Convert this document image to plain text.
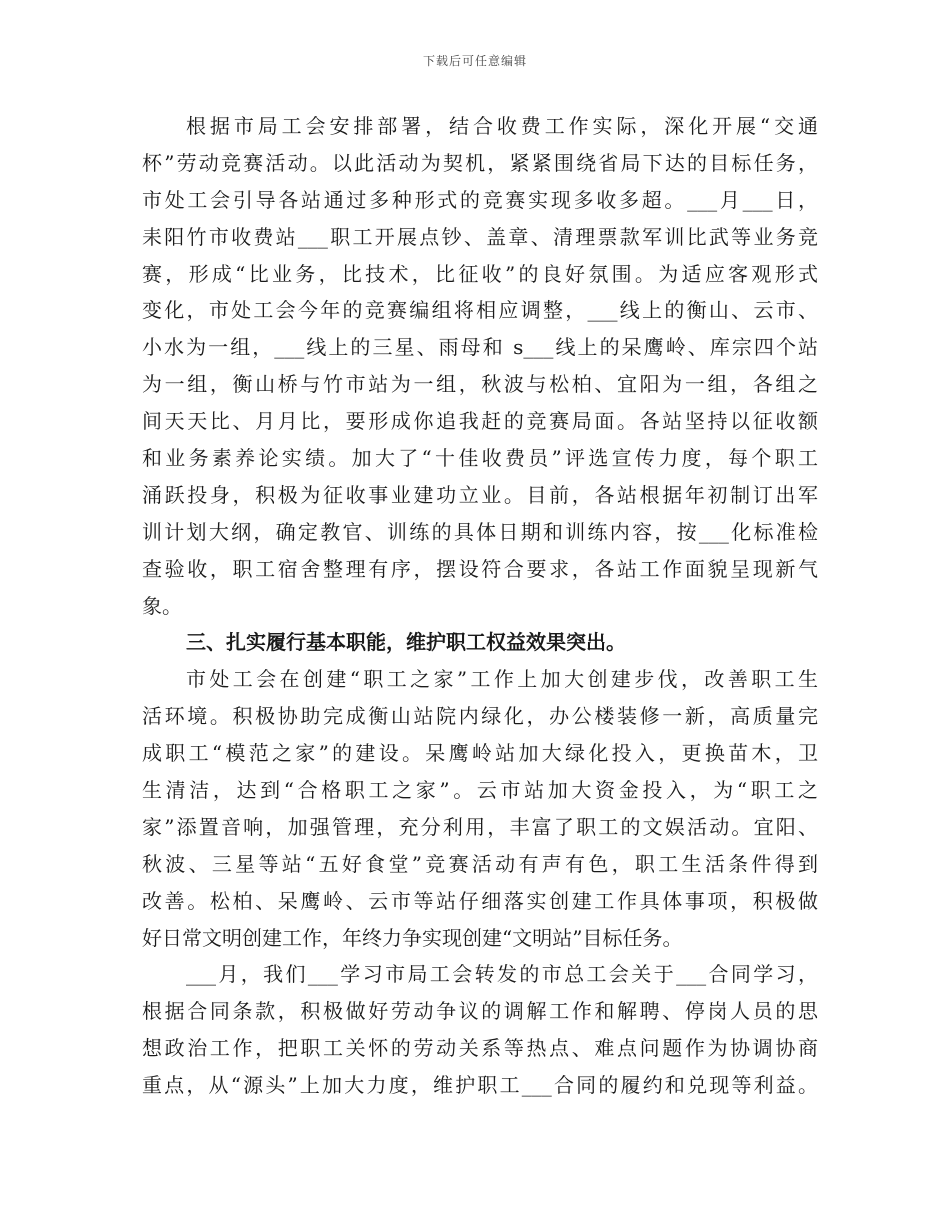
下载后可任意编辑
根据市局工会安排部署，结合收费工作实际，深化开展“交通
杯”劳动竞赛活动。以此活动为契机，紧紧围绕省局下达的目标任务，
市处工会引导各站通过多种形式的竞赛实现多收多超。___月___日，
耒阳竹市收费站___职工开展点钞、盖章、清理票款军训比武等业务竞
赛，形成“比业务，比技术，比征收”的良好氛围。为适应客观形式
变化，市处工会今年的竞赛编组将相应调整，___线上的衡山、云市、
小水为一组，___线上的三星、雨母和 s___线上的呆鹰岭、库宗四个站
为一组，衡山桥与竹市站为一组，秋波与松柏、宜阳为一组，各组之
间天天比、月月比，要形成你追我赶的竞赛局面。各站坚持以征收额
和业务素养论实绩。加大了“十佳收费员”评选宣传力度，每个职工
涌跃投身，积极为征收事业建功立业。目前，各站根据年初制订出军
训计划大纲，确定教官、训练的具体日期和训练内容，按___化标准检
查验收，职工宿舍整理有序，摆设符合要求，各站工作面貌呈现新气
象。
三、扎实履行基本职能，维护职工权益效果突出。
市处工会在创建“职工之家”工作上加大创建步伐，改善职工生
活环境。积极协助完成衡山站院内绿化，办公楼装修一新，高质量完
成职工“模范之家”的建设。呆鹰岭站加大绿化投入，更换苗木，卫
生清洁，达到“合格职工之家”。云市站加大资金投入，为“职工之
家”添置音响，加强管理，充分利用，丰富了职工的文娱活动。宜阳、
秋波、三星等站“五好食堂”竞赛活动有声有色，职工生活条件得到
改善。松柏、呆鹰岭、云市等站仔细落实创建工作具体事项，积极做
好日常文明创建工作，年终力争实现创建“文明站”目标任务。
___月，我们___学习市局工会转发的市总工会关于___合同学习，
根据合同条款，积极做好劳动争议的调解工作和解聘、停岗人员的思
想政治工作，把职工关怀的劳动关系等热点、难点问题作为协调协商
重点，从“源头”上加大力度，维护职工___合同的履约和兑现等利益。
